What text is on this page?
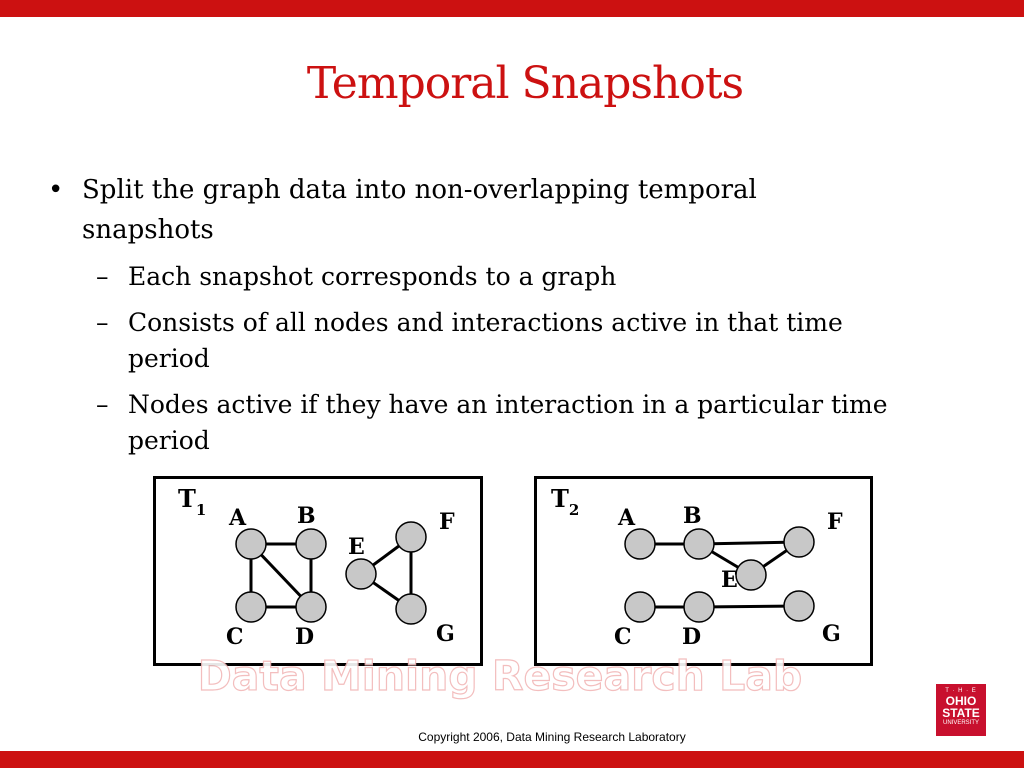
Temporal Snapshots
• Split the graph data into non-overlapping temporal snapshots
– Each snapshot corresponds to a graph
– Consists of all nodes and interactions active in that time period
– Nodes active if they have an interaction in a particular time period
A B
C D
E
F
G
$T_1$	A B
C D
E
F
G
$T_2$
Data Mining Research Lab
Copyright 2006, Data Mining Research Laboratory
T · H · E
OHIO
STATE
UNIVERSITY
